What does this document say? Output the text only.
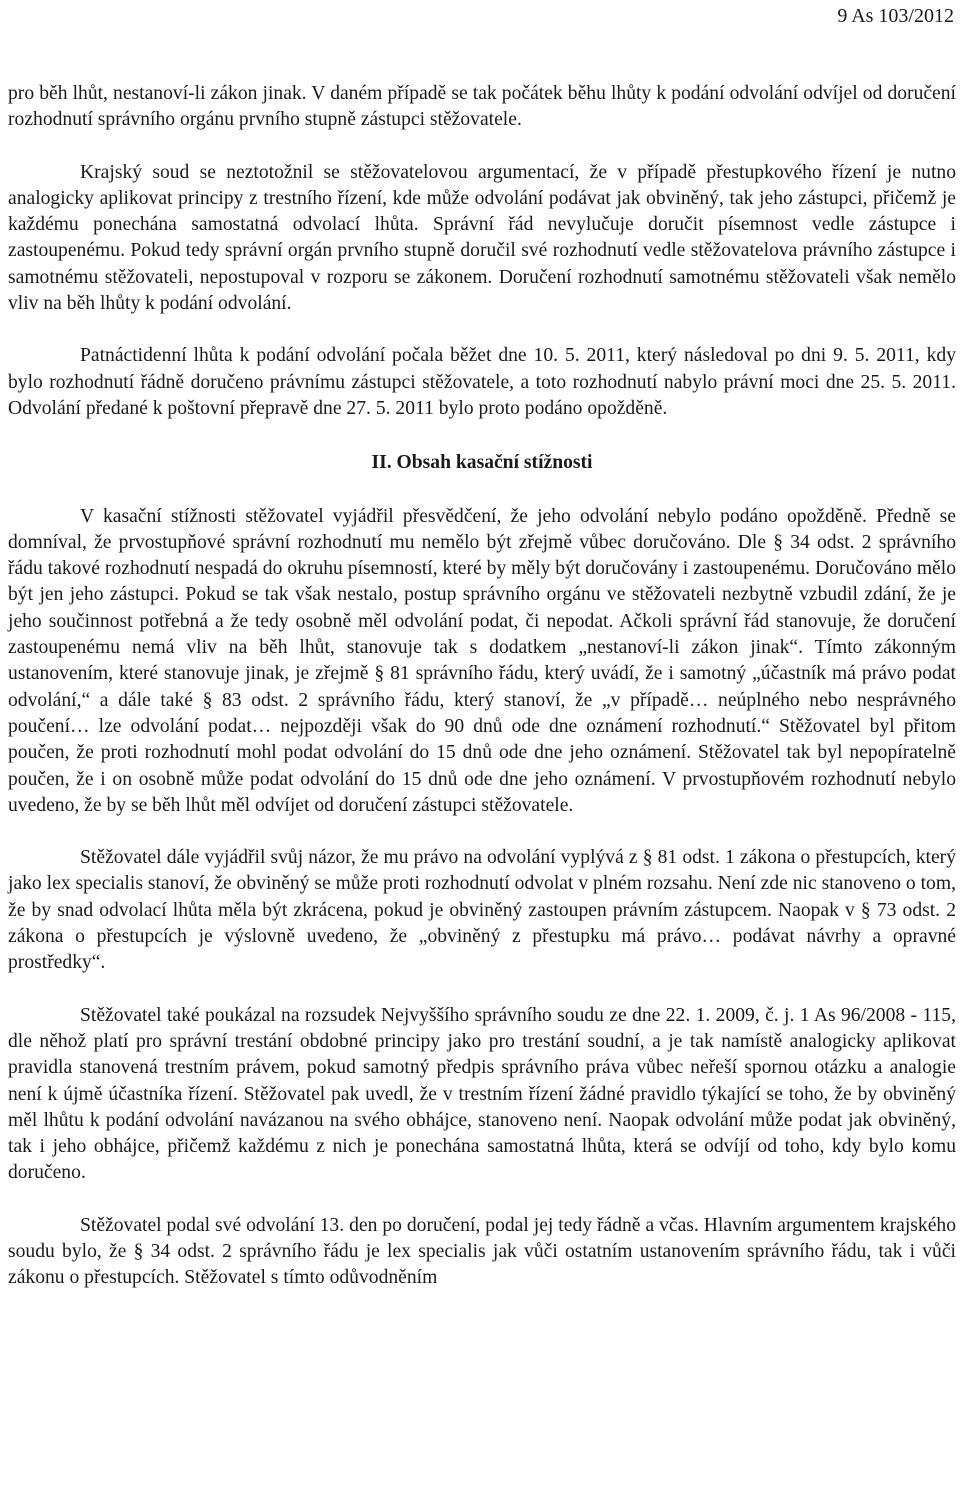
9 As 103/2012

pro běh lhůt, nestanoví-li zákon jinak. V daném případě se tak počátek běhu lhůty k podání odvolání odvíjel od doručení rozhodnutí správního orgánu prvního stupně zástupci stěžovatele.

Krajský soud se neztotožnil se stěžovatelovou argumentací, že v případě přestupkového řízení je nutno analogicky aplikovat principy z trestního řízení, kde může odvolání podávat jak obviněný, tak jeho zástupci, přičemž je každému ponechána samostatná odvolací lhůta. Správní řád nevylučuje doručit písemnost vedle zástupce i zastoupenému. Pokud tedy správní orgán prvního stupně doručil své rozhodnutí vedle stěžovatelova právního zástupce i samotnému stěžovateli, nepostupoval v rozporu se zákonem. Doručení rozhodnutí samotnému stěžovateli však nemělo vliv na běh lhůty k podání odvolání.

Patnáctidenní lhůta k podání odvolání počala běžet dne 10. 5. 2011, který následoval po dni 9. 5. 2011, kdy bylo rozhodnutí řádně doručeno právnímu zástupci stěžovatele, a toto rozhodnutí nabylo právní moci dne 25. 5. 2011. Odvolání předané k poštovní přepravě dne 27. 5. 2011 bylo proto podáno opožděně.

II. Obsah kasační stížnosti

V kasační stížnosti stěžovatel vyjádřil přesvědčení, že jeho odvolání nebylo podáno opožděně. Předně se domníval, že prvostupňové správní rozhodnutí mu nemělo být zřejmě vůbec doručováno. Dle § 34 odst. 2 správního řádu takové rozhodnutí nespadá do okruhu písemností, které by měly být doručovány i zastoupenému. Doručováno mělo být jen jeho zástupci. Pokud se tak však nestalo, postup správního orgánu ve stěžovateli nezbytně vzbudil zdání, že je jeho součinnost potřebná a že tedy osobně měl odvolání podat, či nepodat. Ačkoli správní řád stanovuje, že doručení zastoupenému nemá vliv na běh lhůt, stanovuje tak s dodatkem „nestanoví-li zákon jinak“. Tímto zákonným ustanovením, které stanovuje jinak, je zřejmě § 81 správního řádu, který uvádí, že i samotný „účastník má právo podat odvolání,“ a dále také § 83 odst. 2 správního řádu, který stanoví, že „v případě… neúplného nebo nesprávného poučení… lze odvolání podat… nejpozději však do 90 dnů ode dne oznámení rozhodnutí.“ Stěžovatel byl přitom poučen, že proti rozhodnutí mohl podat odvolání do 15 dnů ode dne jeho oznámení. Stěžovatel tak byl nepopíratelně poučen, že i on osobně může podat odvolání do 15 dnů ode dne jeho oznámení. V prvostupňovém rozhodnutí nebylo uvedeno, že by se běh lhůt měl odvíjet od doručení zástupci stěžovatele.

Stěžovatel dále vyjádřil svůj názor, že mu právo na odvolání vyplývá z § 81 odst. 1 zákona o přestupcích, který jako lex specialis stanoví, že obviněný se může proti rozhodnutí odvolat v plném rozsahu. Není zde nic stanoveno o tom, že by snad odvolací lhůta měla být zkrácena, pokud je obviněný zastoupen právním zástupcem. Naopak v § 73 odst. 2 zákona o přestupcích je výslovně uvedeno, že „obviněný z přestupku má právo… podávat návrhy a opravné prostředky“.

Stěžovatel také poukázal na rozsudek Nejvyššího správního soudu ze dne 22. 1. 2009, č. j. 1 As 96/2008 - 115, dle něhož platí pro správní trestání obdobné principy jako pro trestání soudní, a je tak namístě analogicky aplikovat pravidla stanovená trestním právem, pokud samotný předpis správního práva vůbec neřeší spornou otázku a analogie není k újmě účastníka řízení. Stěžovatel pak uvedl, že v trestním řízení žádné pravidlo týkající se toho, že by obviněný měl lhůtu k podání odvolání navázanou na svého obhájce, stanoveno není. Naopak odvolání může podat jak obviněný, tak i jeho obhájce, přičemž každému z nich je ponechána samostatná lhůta, která se odvíjí od toho, kdy bylo komu doručeno.

Stěžovatel podal své odvolání 13. den po doručení, podal jej tedy řádně a včas. Hlavním argumentem krajského soudu bylo, že § 34 odst. 2 správního řádu je lex specialis jak vůči ostatním ustanovením správního řádu, tak i vůči zákonu o přestupcích. Stěžovatel s tímto odůvodněním
